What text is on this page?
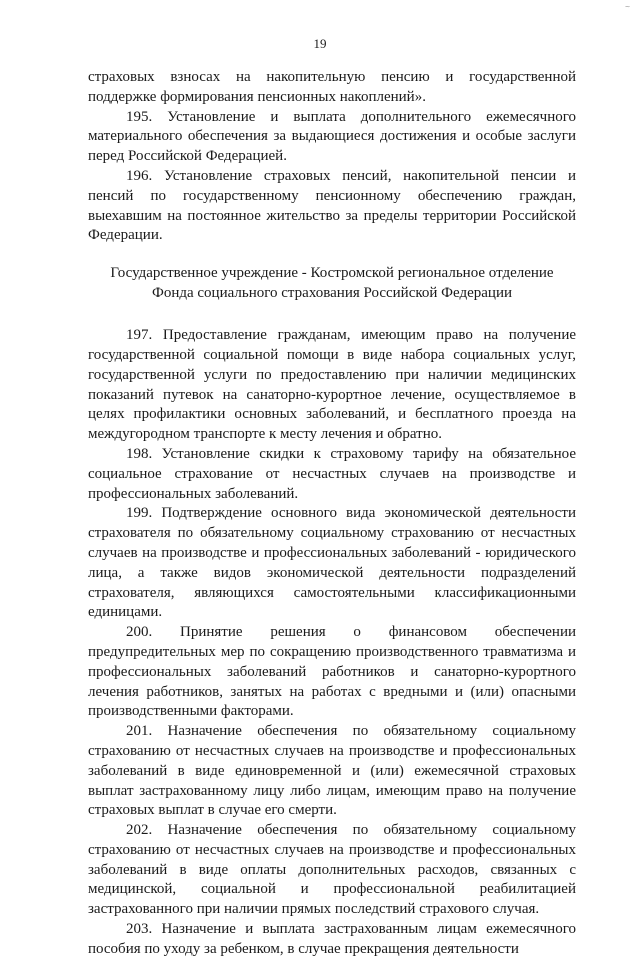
~
19

страховых взносах на накопительную пенсию и государственной поддержке формирования пенсионных накоплений».

195. Установление и выплата дополнительного ежемесячного материального обеспечения за выдающиеся достижения и особые заслуги перед Российской Федерацией.

196. Установление страховых пенсий, накопительной пенсии и пенсий по государственному пенсионному обеспечению граждан, выехавшим на постоянное жительство за пределы территории Российской Федерации.

Государственное учреждение - Костромской региональное отделение
Фонда социального страхования Российской Федерации

197. Предоставление гражданам, имеющим право на получение государственной социальной помощи в виде набора социальных услуг, государственной услуги по предоставлению при наличии медицинских показаний путевок на санаторно-курортное лечение, осуществляемое в целях профилактики основных заболеваний, и бесплатного проезда на междугородном транспорте к месту лечения и обратно.

198. Установление скидки к страховому тарифу на обязательное социальное страхование от несчастных случаев на производстве и профессиональных заболеваний.

199. Подтверждение основного вида экономической деятельности страхователя по обязательному социальному страхованию от несчастных случаев на производстве и профессиональных заболеваний - юридического лица, а также видов экономической деятельности подразделений страхователя, являющихся самостоятельными классификационными единицами.

200. Принятие решения о финансовом обеспечении предупредительных мер по сокращению производственного травматизма и профессиональных заболеваний работников и санаторно-курортного лечения работников, занятых на работах с вредными и (или) опасными производственными факторами.

201. Назначение обеспечения по обязательному социальному страхованию от несчастных случаев на производстве и профессиональных заболеваний в виде единовременной и (или) ежемесячной страховых выплат застрахованному лицу либо лицам, имеющим право на получение страховых выплат в случае его смерти.

202. Назначение обеспечения по обязательному социальному страхованию от несчастных случаев на производстве и профессиональных заболеваний в виде оплаты дополнительных расходов, связанных с медицинской, социальной и профессиональной реабилитацией застрахованного при наличии прямых последствий страхового случая.

203. Назначение и выплата застрахованным лицам ежемесячного пособия по уходу за ребенком, в случае прекращения деятельности
